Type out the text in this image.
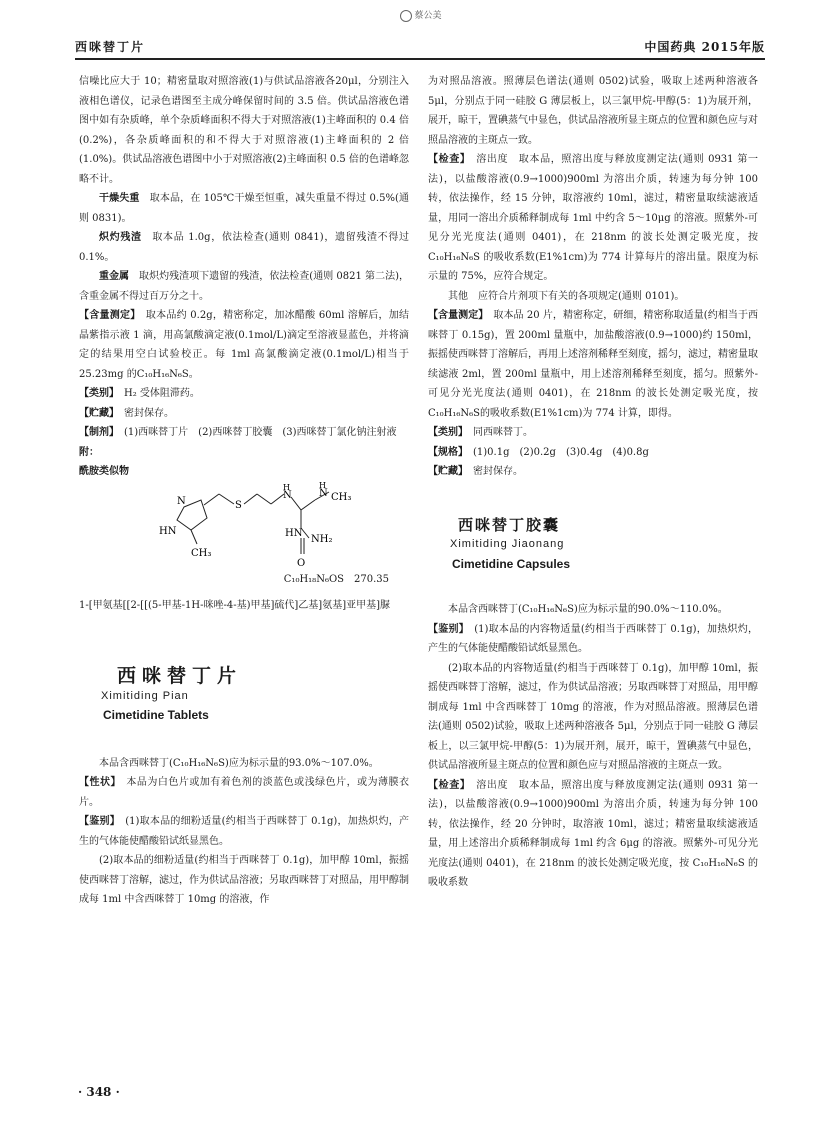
西咪替丁片
蔡公美
中国药典 2015年版

信噪比应大于 10；精密量取对照溶液(1)与供试品溶液各20μl，分别注入液相色谱仪，记录色谱图至主成分峰保留时间的 3.5 倍。供试品溶液色谱图中如有杂质峰，单个杂质峰面积不得大于对照溶液(1)主峰面积的 0.4 倍(0.2%)，各杂质峰面积的和不得大于对照溶液(1)主峰面积的 2 倍(1.0%)。供试品溶液色谱图中小于对照溶液(2)主峰面积 0.5 倍的色谱峰忽略不计。

干燥失重　取本品，在 105℃干燥至恒重，减失重量不得过 0.5%(通则 0831)。

炽灼残渣　取本品 1.0g，依法检查(通则 0841)，遗留残渣不得过 0.1%。

重金属　取炽灼残渣项下遗留的残渣，依法检查(通则 0821 第二法)，含重金属不得过百万分之十。

【含量测定】　取本品约 0.2g，精密称定，加冰醋酸 60ml 溶解后，加结晶紫指示液 1 滴，用高氯酸滴定液(0.1mol/L)滴定至溶液显蓝色，并将滴定的结果用空白试验校正。每 1ml 高氯酸滴定液(0.1mol/L)相当于 25.23mg 的C₁₀H₁₆N₆S。

【类别】　H₂ 受体阻滞药。

【贮藏】　密封保存。

【制剂】　(1)西咪替丁片　(2)西咪替丁胶囊　(3)西咪替丁氯化钠注射液

附：

酰胺类似物

N
HN
CH₃
S
H
N	N
H
CH₃
HN
NH₂
O
C₁₀H₁₈N₆OS　270.35

1-[甲氨基[[2-[[(5-甲基-1H-咪唑-4-基)甲基]硫代]乙基]氨基]亚甲基]脲

西咪替丁片

Ximitiding Pian

Cimetidine Tablets

本品含西咪替丁(C₁₀H₁₆N₆S)应为标示量的93.0%～107.0%。

【性状】　本品为白色片或加有着色剂的淡蓝色或浅绿色片，或为薄膜衣片。

【鉴别】　(1)取本品的细粉适量(约相当于西咪替丁 0.1g)，加热炽灼，产生的气体能使醋酸铅试纸显黑色。

(2)取本品的细粉适量(约相当于西咪替丁 0.1g)，加甲醇 10ml，振摇使西咪替丁溶解，滤过，作为供试品溶液；另取西咪替丁对照品，用甲醇制成每 1ml 中含西咪替丁 10mg 的溶液，作

为对照品溶液。照薄层色谱法(通则 0502)试验，吸取上述两种溶液各 5μl，分别点于同一硅胶 G 薄层板上，以三氯甲烷-甲醇(5：1)为展开剂，展开，晾干，置碘蒸气中显色，供试品溶液所显主斑点的位置和颜色应与对照品溶液的主斑点一致。

【检查】　溶出度　取本品，照溶出度与释放度测定法(通则 0931 第一法)，以盐酸溶液(0.9→1000)900ml 为溶出介质，转速为每分钟 100 转，依法操作，经 15 分钟，取溶液约 10ml，滤过，精密量取续滤液适量，用同一溶出介质稀释制成每 1ml 中约含 5～10μg 的溶液。照紫外-可见分光光度法(通则 0401)，在 218nm 的波长处测定吸光度，按 C₁₀H₁₆N₆S 的吸收系数(E1%1cm)为 774 计算每片的溶出量。限度为标示量的 75%，应符合规定。

其他　应符合片剂项下有关的各项规定(通则 0101)。

【含量测定】　取本品 20 片，精密称定，研细，精密称取适量(约相当于西咪替丁 0.15g)，置 200ml 量瓶中，加盐酸溶液(0.9→1000)约 150ml，振摇使西咪替丁溶解后，再用上述溶剂稀释至刻度，摇匀，滤过，精密量取续滤液 2ml，置 200ml 量瓶中，用上述溶剂稀释至刻度，摇匀。照紫外-可见分光光度法(通则 0401)，在 218nm 的波长处测定吸光度，按C₁₀H₁₆N₆S的吸收系数(E1%1cm)为 774 计算，即得。

【类别】　同西咪替丁。

【规格】　(1)0.1g　(2)0.2g　(3)0.4g　(4)0.8g

【贮藏】　密封保存。

西咪替丁胶囊

Ximitiding Jiaonang

Cimetidine Capsules

本品含西咪替丁(C₁₀H₁₆N₆S)应为标示量的90.0%～110.0%。

【鉴别】　(1)取本品的内容物适量(约相当于西咪替丁 0.1g)，加热炽灼，产生的气体能使醋酸铅试纸显黑色。

(2)取本品的内容物适量(约相当于西咪替丁 0.1g)，加甲醇 10ml，振摇使西咪替丁溶解，滤过，作为供试品溶液；另取西咪替丁对照品，用甲醇制成每 1ml 中含西咪替丁 10mg 的溶液，作为对照品溶液。照薄层色谱法(通则 0502)试验，吸取上述两种溶液各 5μl，分别点于同一硅胶 G 薄层板上，以三氯甲烷-甲醇(5：1)为展开剂，展开，晾干，置碘蒸气中显色，供试品溶液所显主斑点的位置和颜色应与对照品溶液的主斑点一致。

【检查】　溶出度　取本品，照溶出度与释放度测定法(通则 0931 第一法)，以盐酸溶液(0.9→1000)900ml 为溶出介质，转速为每分钟 100 转，依法操作，经 20 分钟时，取溶液 10ml，滤过；精密量取续滤液适量，用上述溶出介质稀释制成每 1ml 约含 6μg 的溶液。照紫外-可见分光光度法(通则 0401)，在 218nm 的波长处测定吸光度，按 C₁₀H₁₆N₆S 的吸收系数

· 348 ·
